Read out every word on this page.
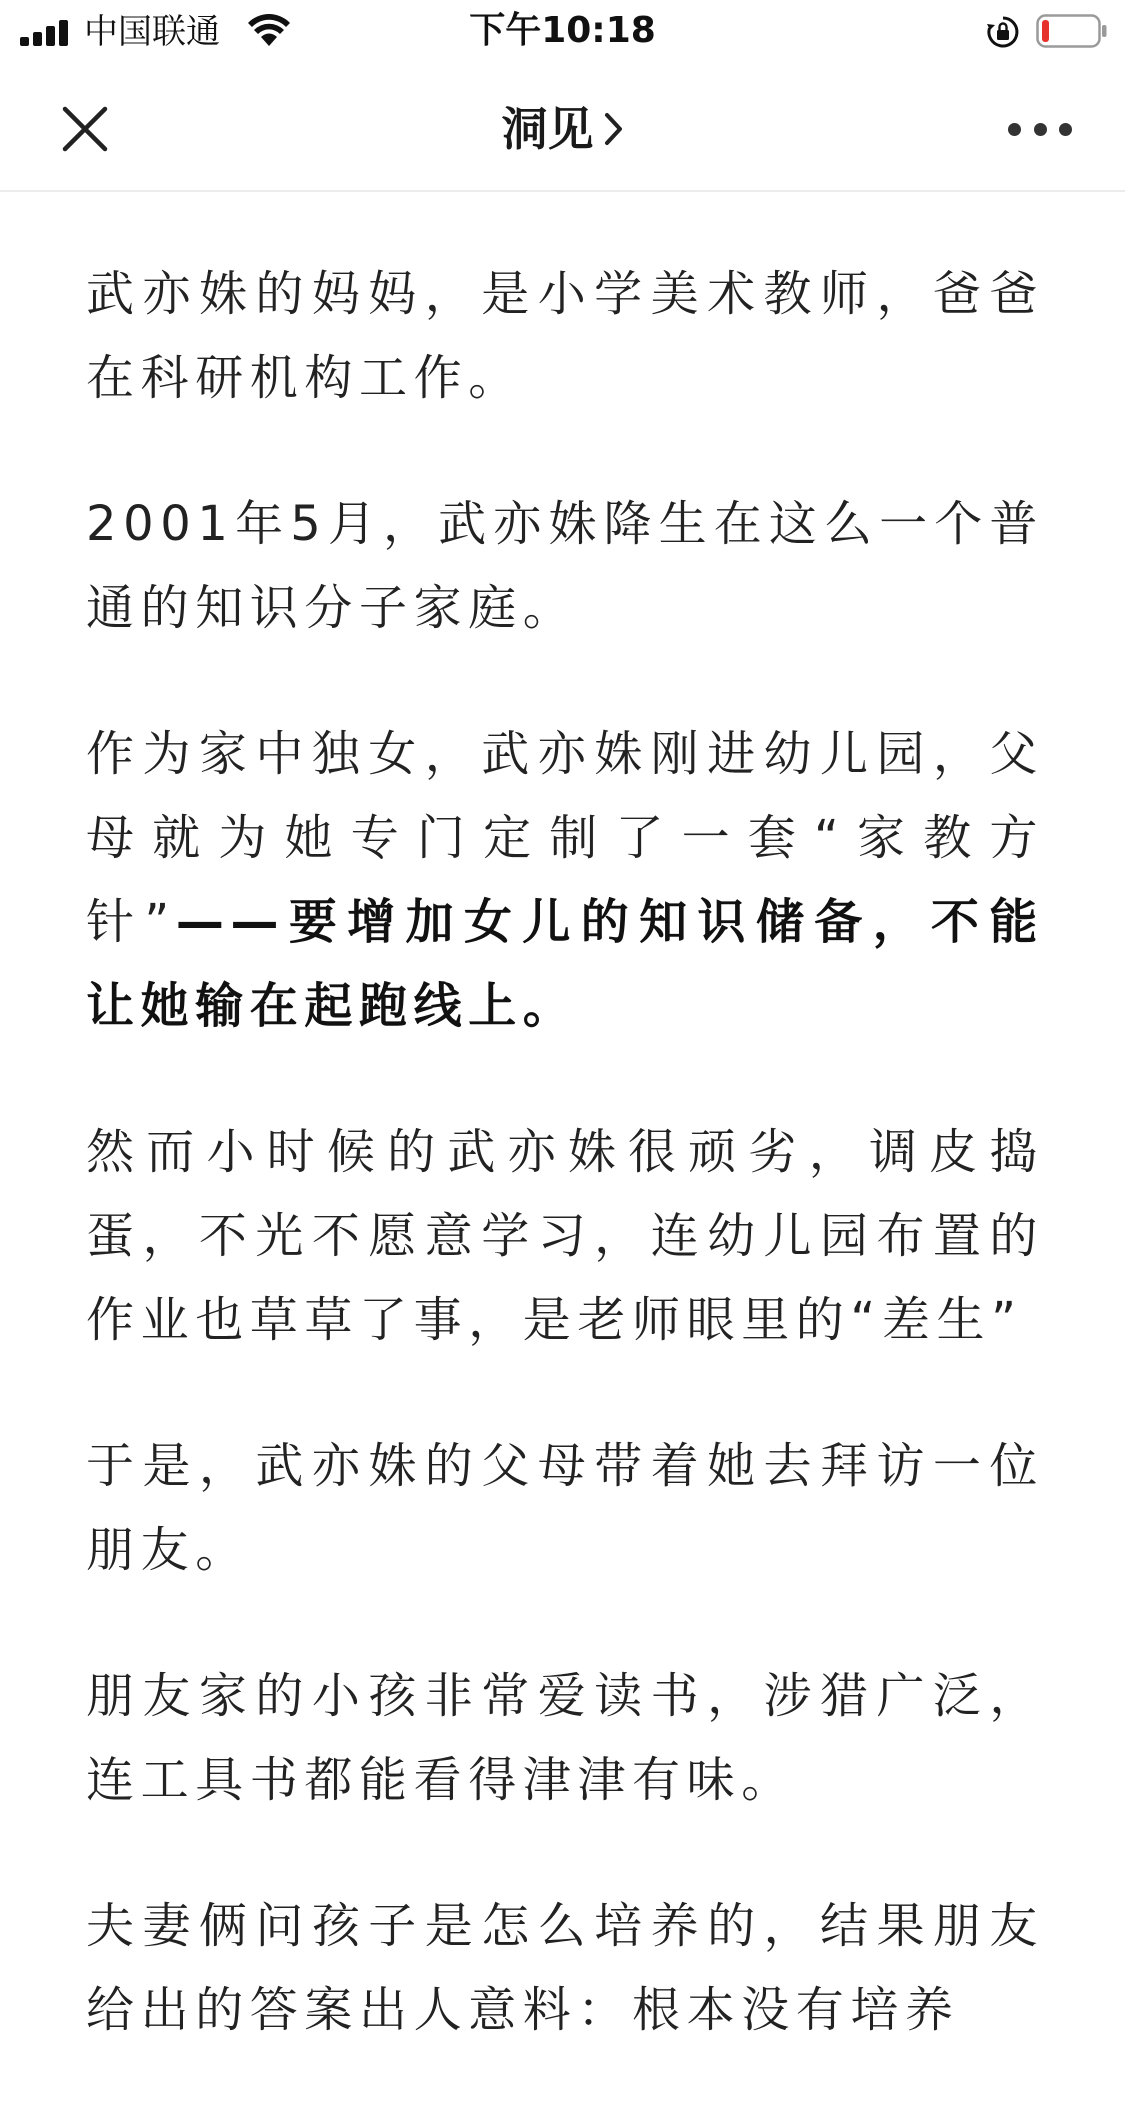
中国联通	下午10:18
洞见

武亦姝的妈妈，是小学美术教师，爸爸在科研机构工作。

2001年5月，武亦姝降生在这么一个普通的知识分子家庭。

作为家中独女，武亦姝刚进幼儿园，父母就为她专门定制了一套“家教方针”——要增加女儿的知识储备，不能让她输在起跑线上。

然而小时候的武亦姝很顽劣，调皮捣蛋，不光不愿意学习，连幼儿园布置的作业也草草了事，是老师眼里的“差生”

于是，武亦姝的父母带着她去拜访一位朋友。

朋友家的小孩非常爱读书，涉猎广泛，连工具书都能看得津津有味。

夫妻俩问孩子是怎么培养的，结果朋友给出的答案出人意料：根本没有培养
